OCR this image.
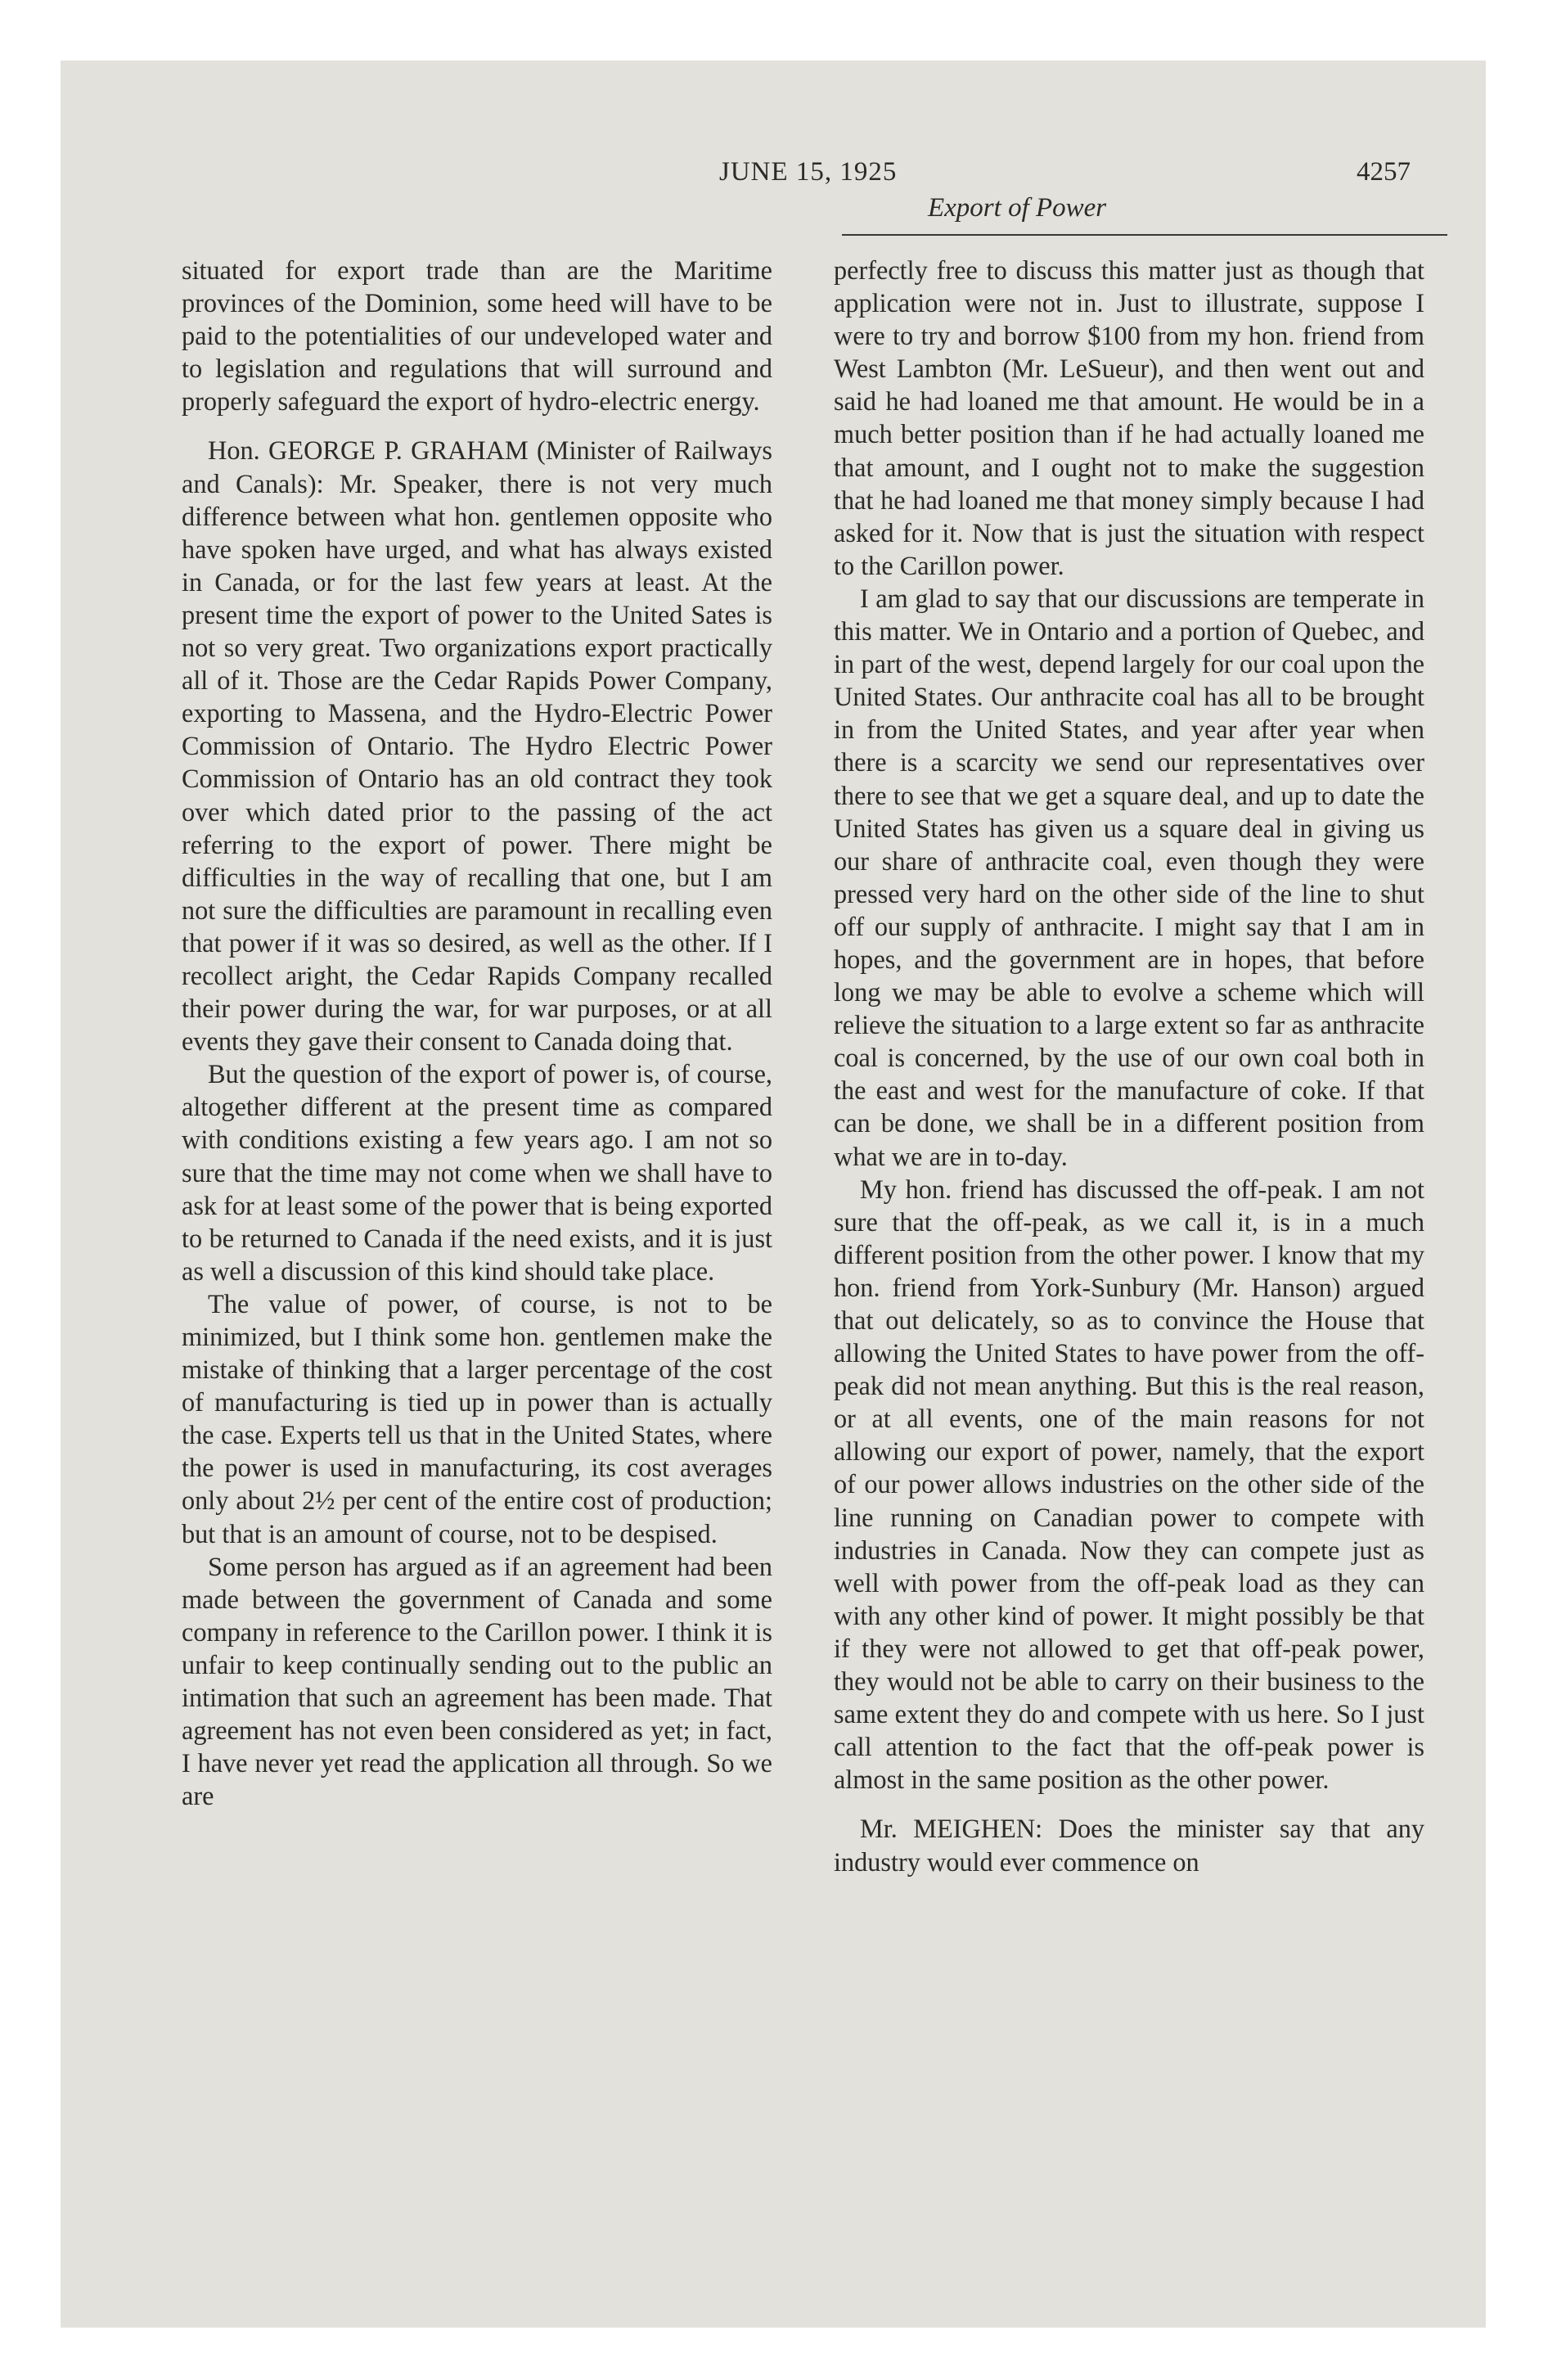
JUNE 15, 1925	4257
Export of Power

situated for export trade than are the Maritime provinces of the Dominion, some heed will have to be paid to the potentialities of our undeveloped water and to legislation and regulations that will surround and properly safeguard the export of hydro-electric energy.

Hon. GEORGE P. GRAHAM (Minister of Railways and Canals): Mr. Speaker, there is not very much difference between what hon. gentlemen opposite who have spoken have urged, and what has always existed in Canada, or for the last few years at least. At the present time the export of power to the United Sates is not so very great. Two organizations export practically all of it. Those are the Cedar Rapids Power Company, exporting to Massena, and the Hydro-Electric Power Commission of Ontario. The Hydro Electric Power Commission of Ontario has an old contract they took over which dated prior to the passing of the act referring to the export of power. There might be difficulties in the way of recalling that one, but I am not sure the difficulties are paramount in recalling even that power if it was so desired, as well as the other. If I recollect aright, the Cedar Rapids Company recalled their power during the war, for war purposes, or at all events they gave their consent to Canada doing that.

But the question of the export of power is, of course, altogether different at the present time as compared with conditions existing a few years ago. I am not so sure that the time may not come when we shall have to ask for at least some of the power that is being exported to be returned to Canada if the need exists, and it is just as well a discussion of this kind should take place.

The value of power, of course, is not to be minimized, but I think some hon. gentlemen make the mistake of thinking that a larger percentage of the cost of manufacturing is tied up in power than is actually the case. Experts tell us that in the United States, where the power is used in manufacturing, its cost averages only about 2½ per cent of the entire cost of production; but that is an amount of course, not to be despised.

Some person has argued as if an agreement had been made between the government of Canada and some company in reference to the Carillon power. I think it is unfair to keep continually sending out to the public an intimation that such an agreement has been made. That agreement has not even been considered as yet; in fact, I have never yet read the application all through. So we are

perfectly free to discuss this matter just as though that application were not in. Just to illustrate, suppose I were to try and borrow $100 from my hon. friend from West Lambton (Mr. LeSueur), and then went out and said he had loaned me that amount. He would be in a much better position than if he had actually loaned me that amount, and I ought not to make the suggestion that he had loaned me that money simply because I had asked for it. Now that is just the situation with respect to the Carillon power.

I am glad to say that our discussions are temperate in this matter. We in Ontario and a portion of Quebec, and in part of the west, depend largely for our coal upon the United States. Our anthracite coal has all to be brought in from the United States, and year after year when there is a scarcity we send our representatives over there to see that we get a square deal, and up to date the United States has given us a square deal in giving us our share of anthracite coal, even though they were pressed very hard on the other side of the line to shut off our supply of anthracite. I might say that I am in hopes, and the government are in hopes, that before long we may be able to evolve a scheme which will relieve the situation to a large extent so far as anthracite coal is concerned, by the use of our own coal both in the east and west for the manufacture of coke. If that can be done, we shall be in a different position from what we are in to-day.

My hon. friend has discussed the off-peak. I am not sure that the off-peak, as we call it, is in a much different position from the other power. I know that my hon. friend from York-Sunbury (Mr. Hanson) argued that out delicately, so as to convince the House that allowing the United States to have power from the off-peak did not mean anything. But this is the real reason, or at all events, one of the main reasons for not allowing our export of power, namely, that the export of our power allows industries on the other side of the line running on Canadian power to compete with industries in Canada. Now they can compete just as well with power from the off-peak load as they can with any other kind of power. It might possibly be that if they were not allowed to get that off-peak power, they would not be able to carry on their business to the same extent they do and compete with us here. So I just call attention to the fact that the off-peak power is almost in the same position as the other power.

Mr. MEIGHEN: Does the minister say that any industry would ever commence on
